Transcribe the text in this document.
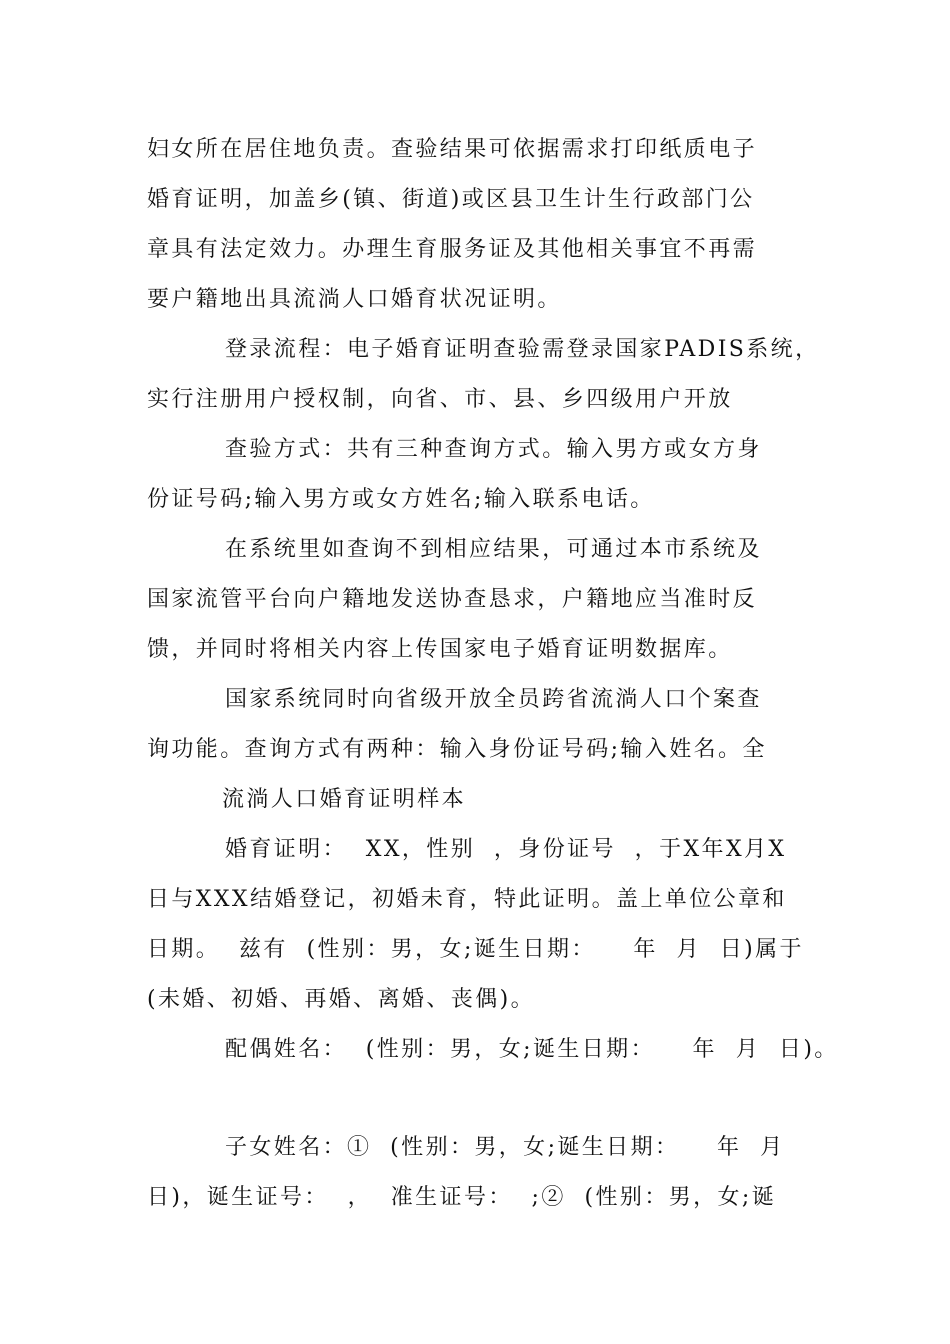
妇女所在居住地负责。查验结果可依据需求打印纸质电子
婚育证明，加盖乡(镇、街道)或区县卫生计生行政部门公
章具有法定效力。办理生育服务证及其他相关事宜不再需
要户籍地出具流淌人口婚育状况证明。
登录流程：电子婚育证明查验需登录国家PADIS系统，
实行注册用户授权制，向省、市、县、乡四级用户开放
查验方式：共有三种查询方式。输入男方或女方身
份证号码;输入男方或女方姓名;输入联系电话。
在系统里如查询不到相应结果，可通过本市系统及
国家流管平台向户籍地发送协查恳求，户籍地应当准时反
馈，并同时将相关内容上传国家电子婚育证明数据库。
国家系统同时向省级开放全员跨省流淌人口个案查
询功能。查询方式有两种：输入身份证号码;输入姓名。全
流淌人口婚育证明样本
婚育证明：  XX，性别  ，身份证号  ，于X年X月X
日与XXX结婚登记，初婚未育，特此证明。盖上单位公章和
日期。  兹有  (性别：男，女;诞生日期：    年  月  日)属于
(未婚、初婚、再婚、离婚、丧偶)。
配偶姓名：  (性别：男，女;诞生日期：    年  月  日)。
子女姓名：①  (性别：男，女;诞生日期：    年  月
日)，诞生证号：  ，  准生证号：  ;②  (性别：男，女;诞
